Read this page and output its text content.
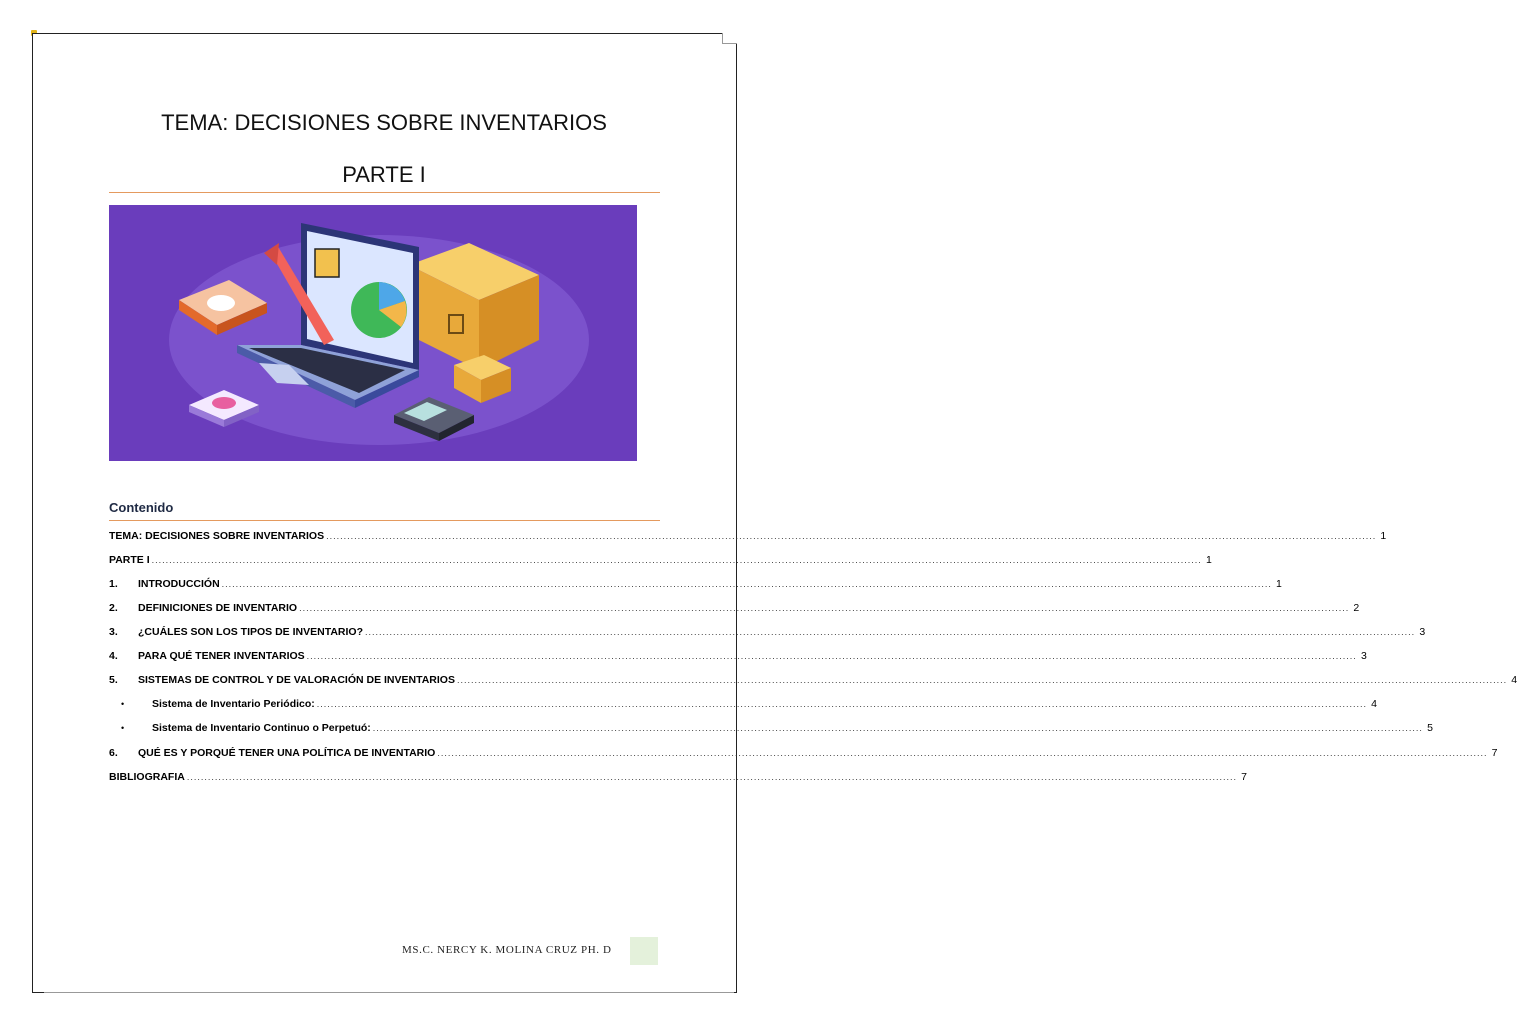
TEMA: DECISIONES SOBRE INVENTARIOS
PARTE I
Contenido
TEMA: DECISIONES SOBRE INVENTARIOS ............................................................................................................................................................................................................................................................................................................ 1
PARTE I ............................................................................................................................................................................................................................................................................................................ 1
1.	INTRODUCCIÓN ............................................................................................................................................................................................................................................................................................................ 1
2.	DEFINICIONES DE INVENTARIO ............................................................................................................................................................................................................................................................................................................ 2
3.	¿CUÁLES SON LOS TIPOS DE INVENTARIO? ............................................................................................................................................................................................................................................................................................................ 3
4.	PARA QUÉ TENER INVENTARIOS ............................................................................................................................................................................................................................................................................................................ 3
5.	SISTEMAS DE CONTROL Y DE VALORACIÓN DE INVENTARIOS ............................................................................................................................................................................................................................................................................................................ 4
•	Sistema de Inventario Periódico: ............................................................................................................................................................................................................................................................................................................ 4
•	Sistema de Inventario Continuo o Perpetuó: ............................................................................................................................................................................................................................................................................................................ 5
6.	QUÉ ES Y PORQUÉ TENER UNA POLÍTICA DE INVENTARIO ............................................................................................................................................................................................................................................................................................................ 7
BIBLIOGRAFIA ............................................................................................................................................................................................................................................................................................................ 7
MS.C. NERCY K. MOLINA CRUZ PH. D
